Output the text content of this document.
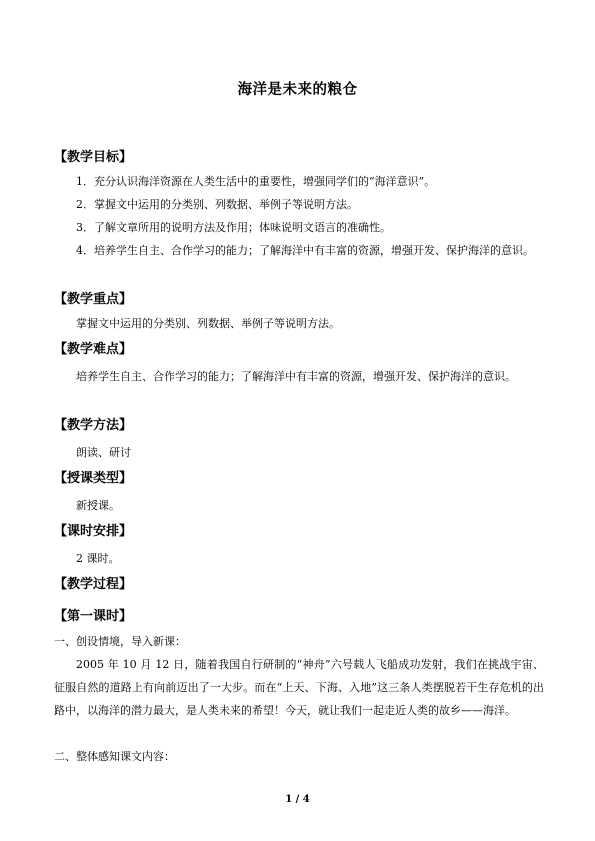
海洋是未来的粮仓
【教学目标】
1．充分认识海洋资源在人类生活中的重要性，增强同学们的“海洋意识”。
2．掌握文中运用的分类别、列数据、举例子等说明方法。
3．了解文章所用的说明方法及作用；体味说明文语言的准确性。
4．培养学生自主、合作学习的能力；了解海洋中有丰富的资源，增强开发、保护海洋的意识。
【教学重点】
掌握文中运用的分类别、列数据、举例子等说明方法。
【教学难点】
培养学生自主、合作学习的能力；了解海洋中有丰富的资源，增强开发、保护海洋的意识。
【教学方法】
朗读、研讨
【授课类型】
新授课。
【课时安排】
2 课时。
【教学过程】
【第一课时】
一、创设情境，导入新课：
2005 年 10 月 12 日，随着我国自行研制的“神舟”六号载人飞船成功发射，我们在挑战宇宙、征服自然的道路上有向前迈出了一大步。而在“上天、下海、入地”这三条人类摆脱若干生存危机的出路中，以海洋的潜力最大，是人类未来的希望！今天，就让我们一起走近人类的故乡——海洋。
二、整体感知课文内容：
1 / 4
